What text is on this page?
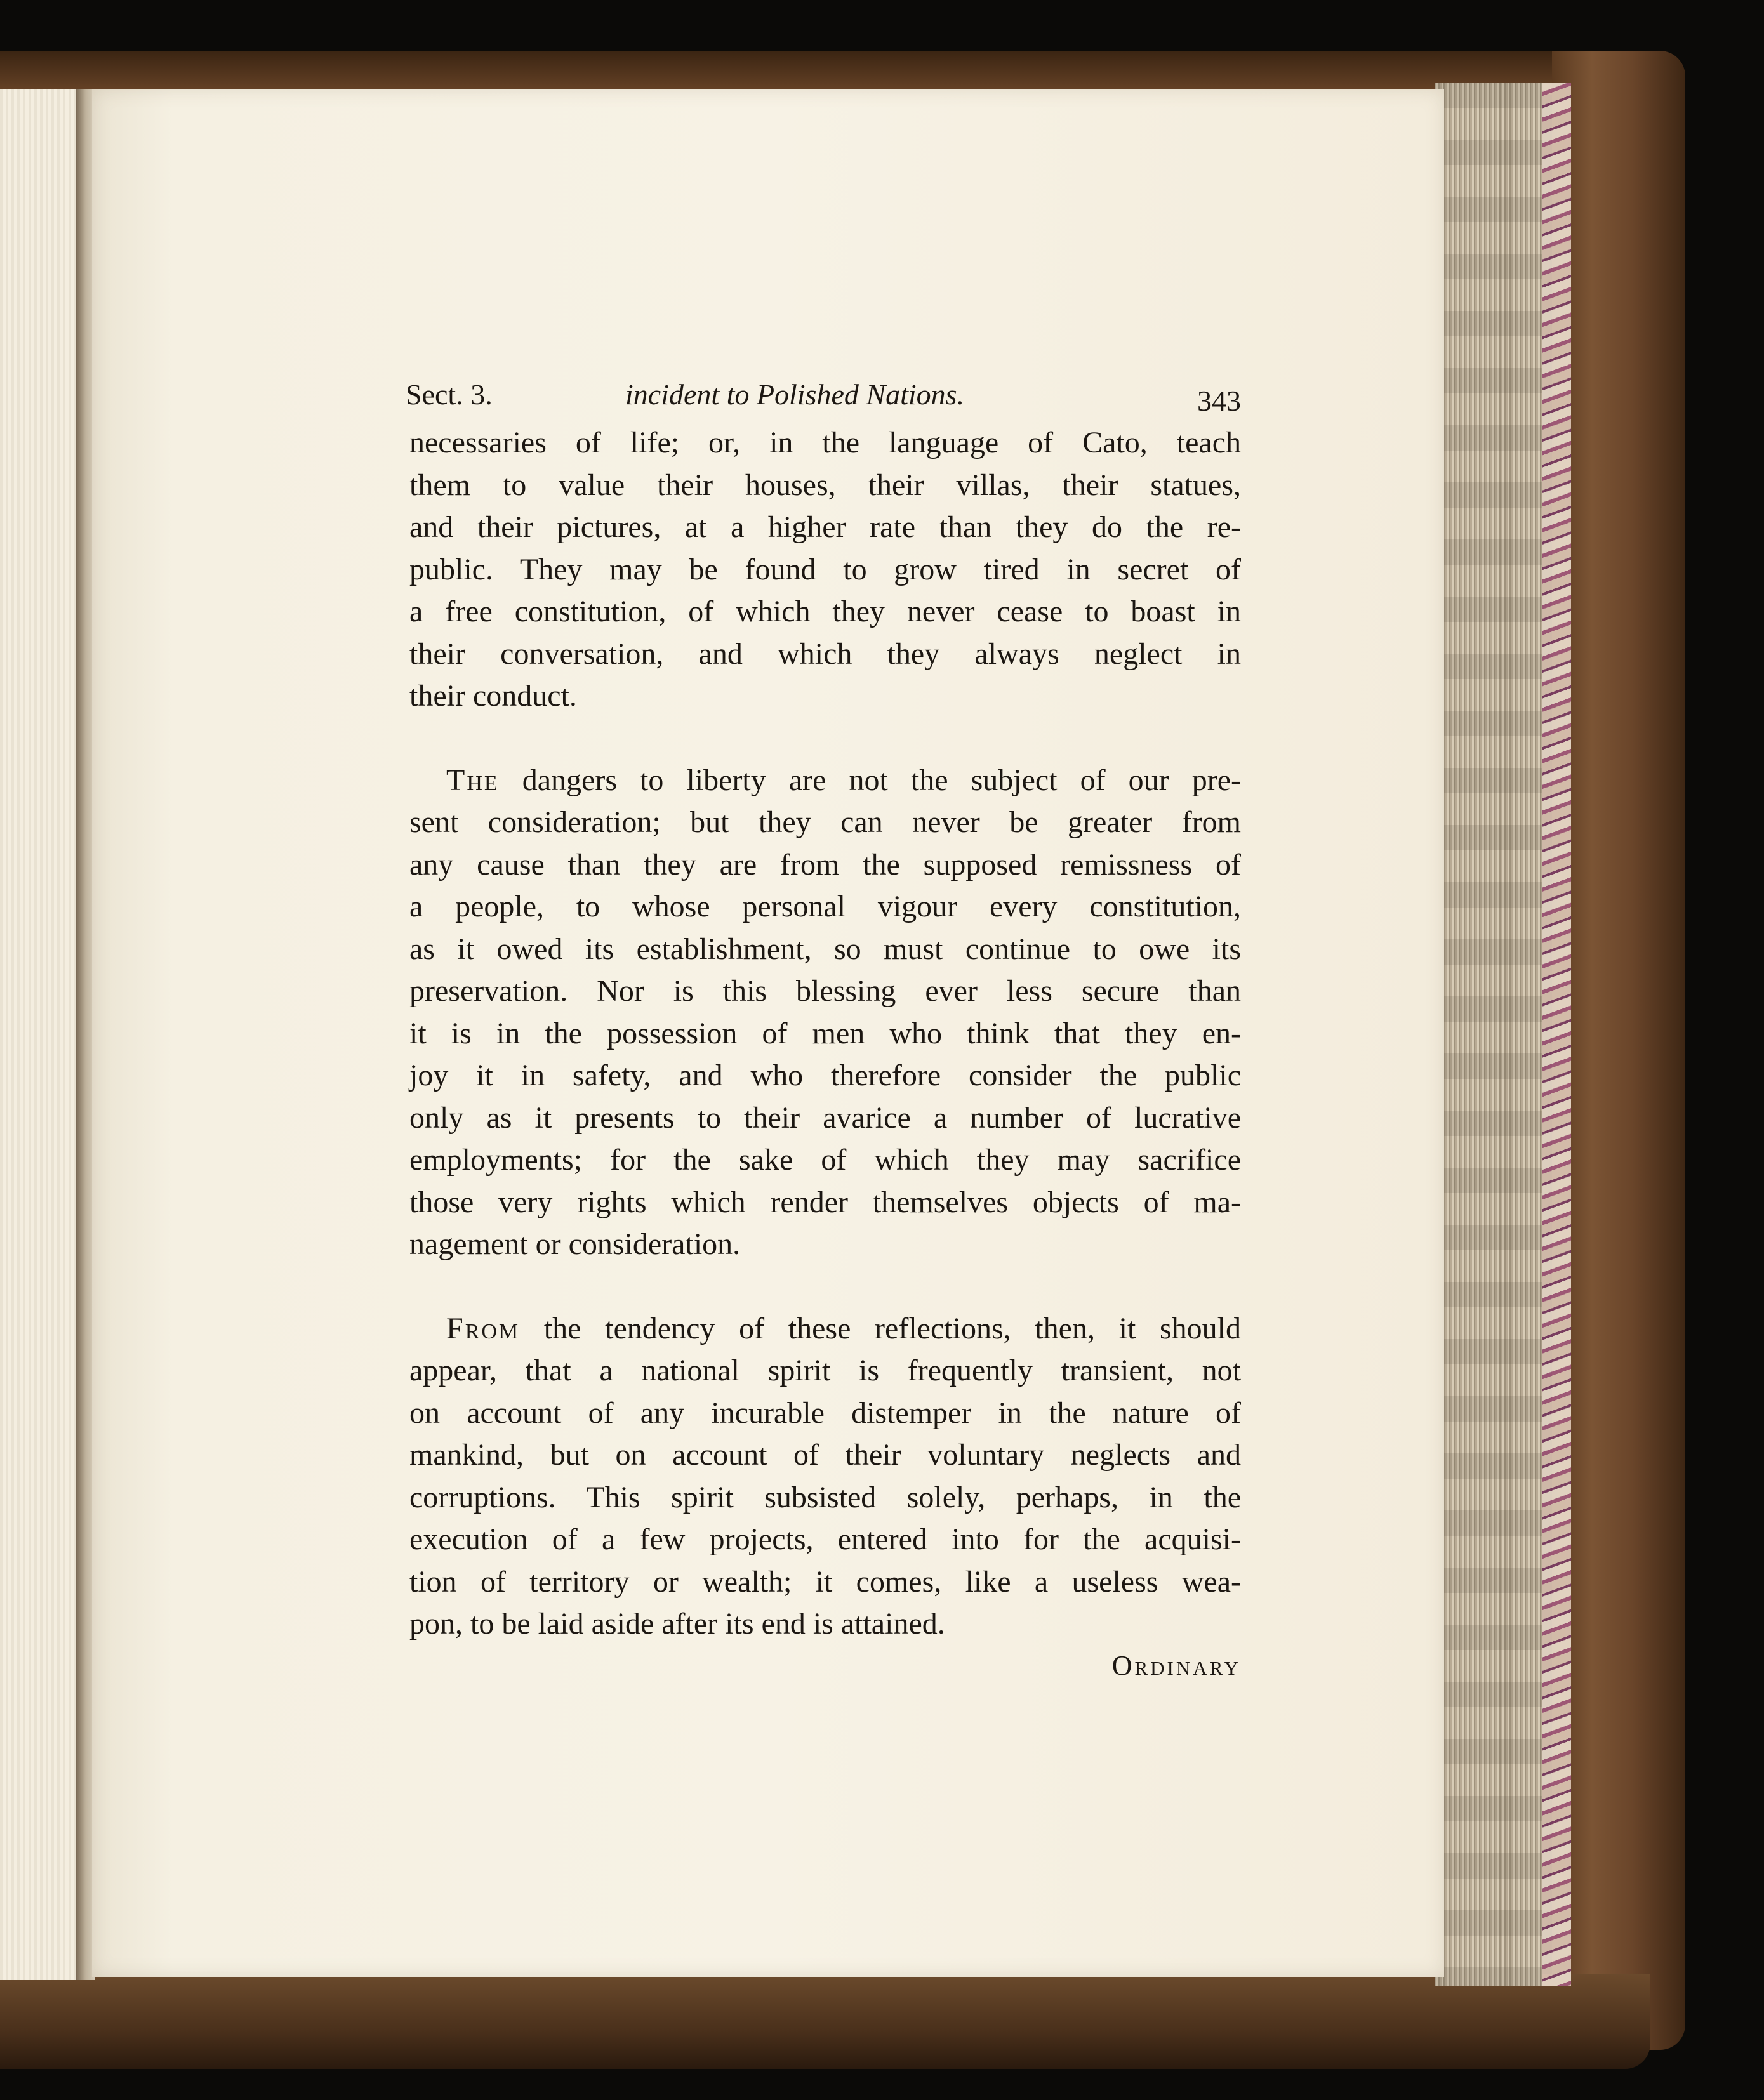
Sect. 3.	incident to Polished Nations.	343
necessaries of life; or, in the language of Cato, teach
them to value their houses, their villas, their statues,
and their pictures, at a higher rate than they do the re-
public. They may be found to grow tired in secret of
a free constitution, of which they never cease to boast in
their conversation, and which they always neglect in
their conduct.
The dangers to liberty are not the subject of our pre-
sent consideration; but they can never be greater from
any cause than they are from the supposed remissness of
a people, to whose personal vigour every constitution,
as it owed its establishment, so must continue to owe its
preservation. Nor is this blessing ever less secure than
it is in the possession of men who think that they en-
joy it in safety, and who therefore consider the public
only as it presents to their avarice a number of lucrative
employments; for the sake of which they may sacrifice
those very rights which render themselves objects of ma-
nagement or consideration.
From the tendency of these reflections, then, it should
appear, that a national spirit is frequently transient, not
on account of any incurable distemper in the nature of
mankind, but on account of their voluntary neglects and
corruptions. This spirit subsisted solely, perhaps, in the
execution of a few projects, entered into for the acquisi-
tion of territory or wealth; it comes, like a useless wea-
pon, to be laid aside after its end is attained.
Ordinary
